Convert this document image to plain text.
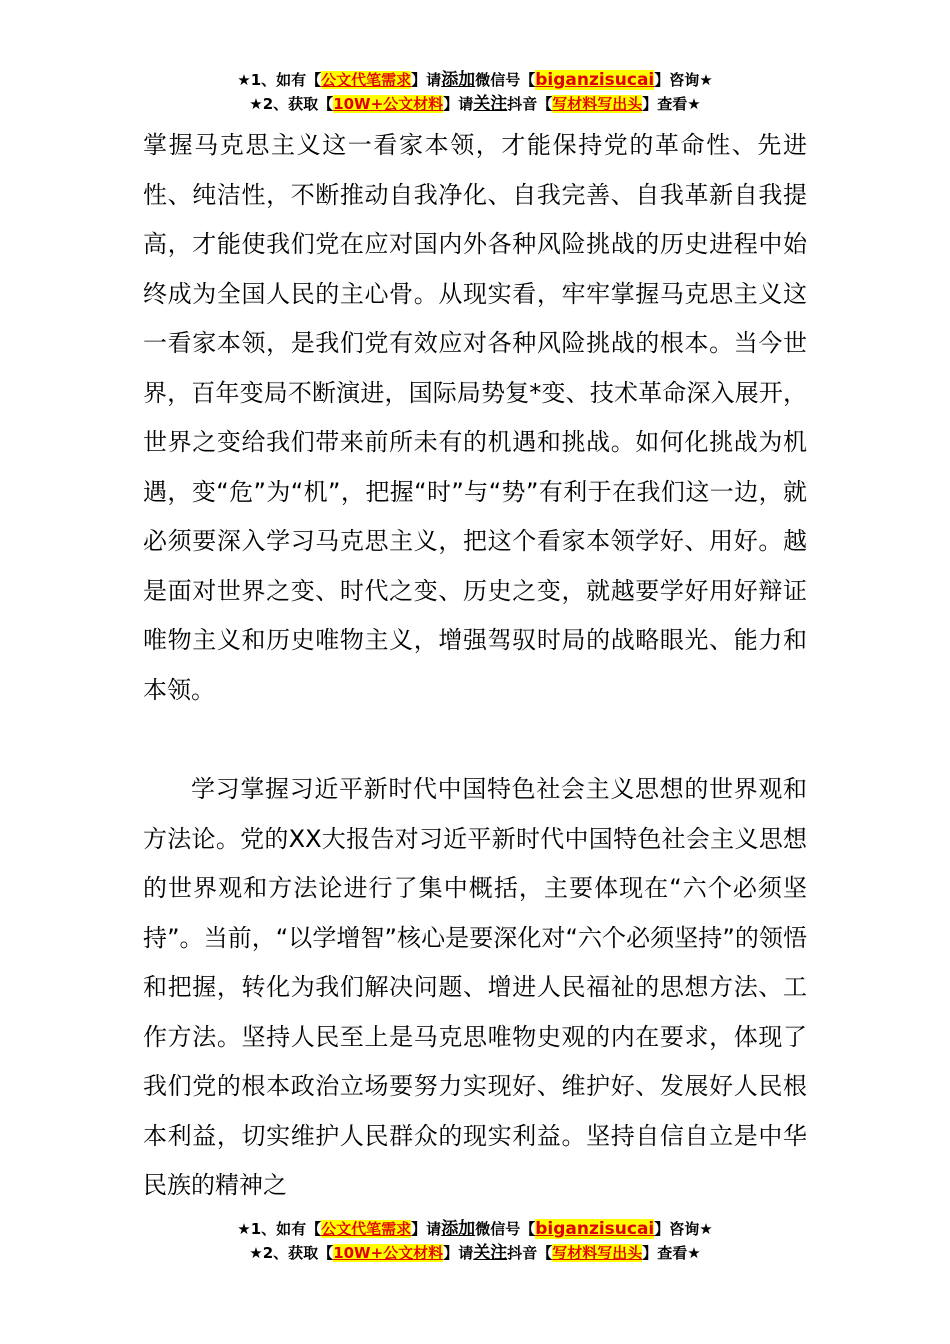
★1、如有【公文代笔需求】请添加微信号【biganzisucai】咨询★
★2、获取【10W+公文材料】请关注抖音【写材料写出头】查看★

掌握马克思主义这一看家本领，才能保持党的革命性、先进性、纯洁性，不断推动自我净化、自我完善、自我革新自我提高，才能使我们党在应对国内外各种风险挑战的历史进程中始终成为全国人民的主心骨。从现实看，牢牢掌握马克思主义这一看家本领，是我们党有效应对各种风险挑战的根本。当今世界，百年变局不断演进，国际局势复*变、技术革命深入展开，世界之变给我们带来前所未有的机遇和挑战。如何化挑战为机遇，变“危”为“机”，把握“时”与“势”有利于在我们这一边，就必须要深入学习马克思主义，把这个看家本领学好、用好。越是面对世界之变、时代之变、历史之变，就越要学好用好辩证唯物主义和历史唯物主义，增强驾驭时局的战略眼光、能力和本领。

学习掌握习近平新时代中国特色社会主义思想的世界观和方法论。党的XX大报告对习近平新时代中国特色社会主义思想的世界观和方法论进行了集中概括，主要体现在“六个必须坚持”。当前，“以学增智”核心是要深化对“六个必须坚持”的领悟和把握，转化为我们解决问题、增进人民福祉的思想方法、工作方法。坚持人民至上是马克思唯物史观的内在要求，体现了我们党的根本政治立场要努力实现好、维护好、发展好人民根本利益，切实维护人民群众的现实利益。坚持自信自立是中华民族的精神之

★1、如有【公文代笔需求】请添加微信号【biganzisucai】咨询★
★2、获取【10W+公文材料】请关注抖音【写材料写出头】查看★
